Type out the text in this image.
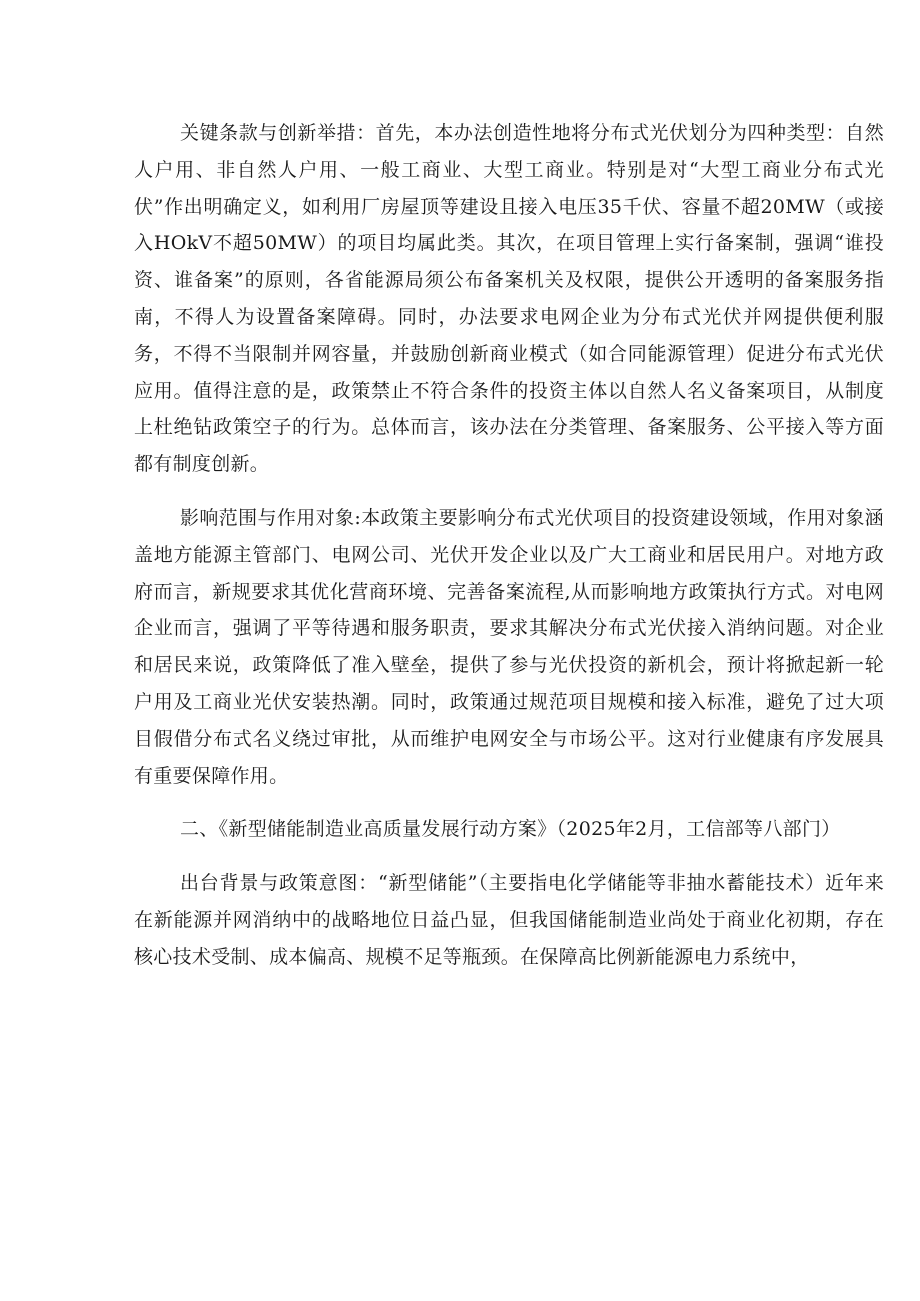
关键条款与创新举措：首先，本办法创造性地将分布式光伏划分为四种类型：自然人户用、非自然人户用、一般工商业、大型工商业。特别是对“大型工商业分布式光伏”作出明确定义，如利用厂房屋顶等建设且接入电压35千伏、容量不超20MW（或接入HOkV不超50MW）的项目均属此类。其次，在项目管理上实行备案制，强调“谁投资、谁备案”的原则，各省能源局须公布备案机关及权限，提供公开透明的备案服务指南，不得人为设置备案障碍。同时，办法要求电网企业为分布式光伏并网提供便利服务，不得不当限制并网容量，并鼓励创新商业模式（如合同能源管理）促进分布式光伏应用。值得注意的是，政策禁止不符合条件的投资主体以自然人名义备案项目，从制度上杜绝钻政策空子的行为。总体而言，该办法在分类管理、备案服务、公平接入等方面都有制度创新。

影响范围与作用对象:本政策主要影响分布式光伏项目的投资建设领域，作用对象涵盖地方能源主管部门、电网公司、光伏开发企业以及广大工商业和居民用户。对地方政府而言，新规要求其优化营商环境、完善备案流程,从而影响地方政策执行方式。对电网企业而言，强调了平等待遇和服务职责，要求其解决分布式光伏接入消纳问题。对企业和居民来说，政策降低了准入壁垒，提供了参与光伏投资的新机会，预计将掀起新一轮户用及工商业光伏安装热潮。同时，政策通过规范项目规模和接入标准，避免了过大项目假借分布式名义绕过审批，从而维护电网安全与市场公平。这对行业健康有序发展具有重要保障作用。

二、《新型储能制造业高质量发展行动方案》（2025年2月，工信部等八部门）

出台背景与政策意图：“新型储能”（主要指电化学储能等非抽水蓄能技术）近年来在新能源并网消纳中的战略地位日益凸显，但我国储能制造业尚处于商业化初期，存在核心技术受制、成本偏高、规模不足等瓶颈。在保障高比例新能源电力系统中，
